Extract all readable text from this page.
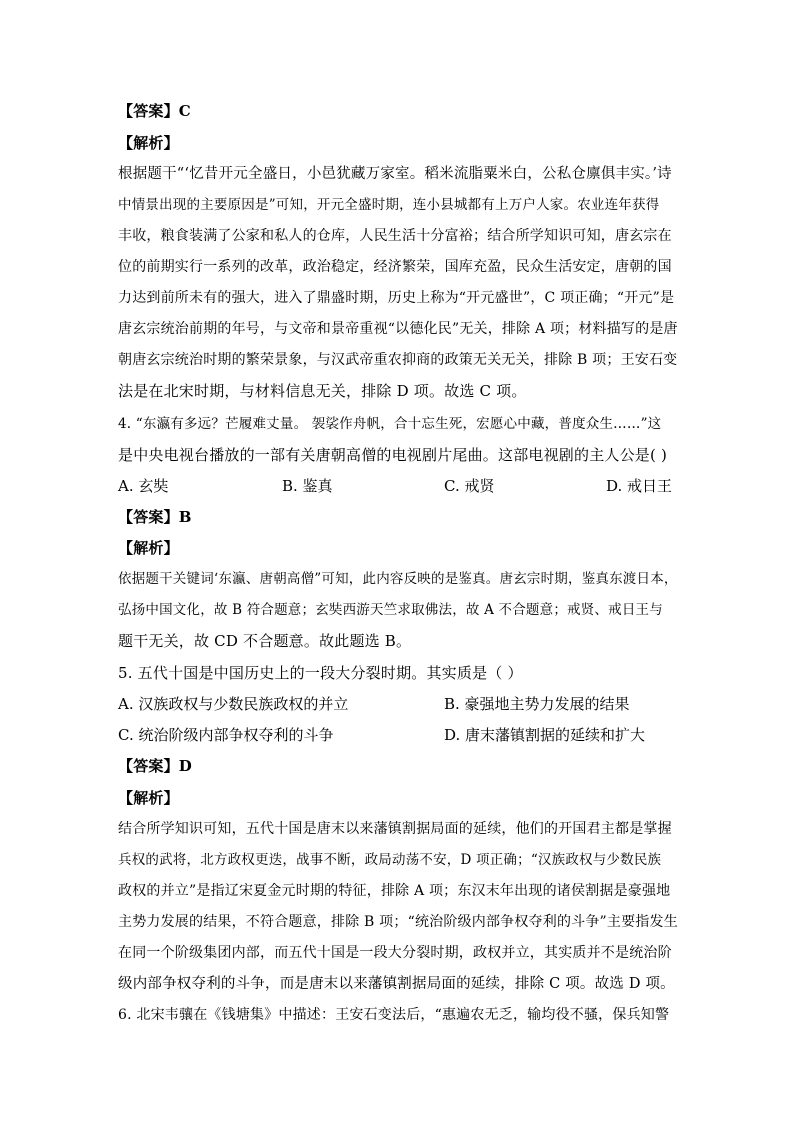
【答案】C
【解析】
根据题干“‘忆昔开元全盛日，小邑犹藏万家室。稻米流脂粟米白，公私仓廪俱丰实。’诗
中情景出现的主要原因是”可知，开元全盛时期，连小县城都有上万户人家。农业连年获得
丰收，粮食装满了公家和私人的仓库，人民生活十分富裕；结合所学知识可知，唐玄宗在
位的前期实行一系列的改革，政治稳定，经济繁荣，国库充盈，民众生活安定，唐朝的国
力达到前所未有的强大，进入了鼎盛时期，历史上称为“开元盛世”，C 项正确；“开元”是
唐玄宗统治前期的年号，与文帝和景帝重视“以德化民”无关，排除 A 项；材料描写的是唐
朝唐玄宗统治时期的繁荣景象，与汉武帝重农抑商的政策无关无关，排除 B 项；王安石变
法是在北宋时期，与材料信息无关，排除 D 项。故选 C 项。
4. “东瀛有多远？芒履难丈量。 袈裟作舟帆，合十忘生死，宏愿心中藏，普度众生……”这
是中央电视台播放的一部有关唐朝高僧的电视剧片尾曲。这部电视剧的主人公是( )
A. 玄奘	B. 鉴真	C. 戒贤	D. 戒日王
【答案】B
【解析】
依据题干关键词‘东瀛、唐朝高僧”可知，此内容反映的是鉴真。唐玄宗时期，鉴真东渡日本，
弘扬中国文化，故 B 符合题意；玄奘西游天竺求取佛法，故 A 不合题意；戒贤、戒日王与
题干无关，故 CD 不合题意。故此题选 B。
5. 五代十国是中国历史上的一段大分裂时期。其实质是（ ）
A. 汉族政权与少数民族政权的并立	B. 豪强地主势力发展的结果
C. 统治阶级内部争权夺利的斗争	D. 唐末藩镇割据的延续和扩大
【答案】D
【解析】
结合所学知识可知，五代十国是唐末以来藩镇割据局面的延续，他们的开国君主都是掌握
兵权的武将，北方政权更迭，战事不断，政局动荡不安，D 项正确；“汉族政权与少数民族
政权的并立”是指辽宋夏金元时期的特征，排除 A 项；东汉末年出现的诸侯割据是豪强地
主势力发展的结果，不符合题意，排除 B 项；“统治阶级内部争权夺利的斗争”主要指发生
在同一个阶级集团内部，而五代十国是一段大分裂时期，政权并立，其实质并不是统治阶
级内部争权夺利的斗争，而是唐末以来藩镇割据局面的延续，排除 C 项。故选 D 项。
6. 北宋韦骧在《钱塘集》中描述：王安石变法后，“惠遍农无乏，输均役不骚，保兵知警
